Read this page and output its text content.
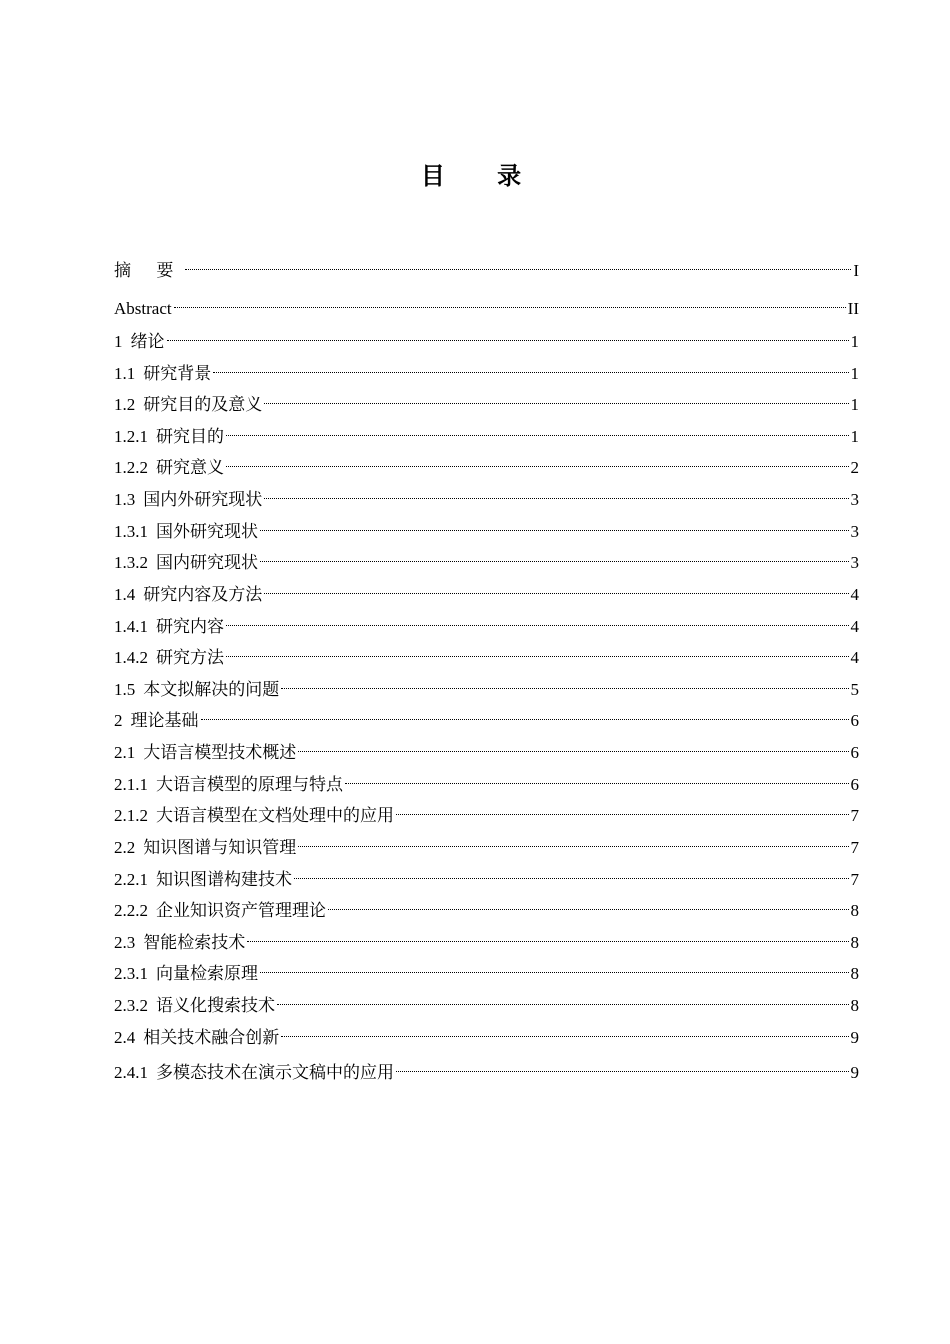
目 录
摘 要	I
Abstract	II
1 绪论	1
1.1 研究背景	1
1.2 研究目的及意义	1
1.2.1 研究目的	1
1.2.2 研究意义	2
1.3 国内外研究现状	3
1.3.1 国外研究现状	3
1.3.2 国内研究现状	3
1.4 研究内容及方法	4
1.4.1 研究内容	4
1.4.2 研究方法	4
1.5 本文拟解决的问题	5
2 理论基础	6
2.1 大语言模型技术概述	6
2.1.1 大语言模型的原理与特点	6
2.1.2 大语言模型在文档处理中的应用	7
2.2 知识图谱与知识管理	7
2.2.1 知识图谱构建技术	7
2.2.2 企业知识资产管理理论	8
2.3 智能检索技术	8
2.3.1 向量检索原理	8
2.3.2 语义化搜索技术	8
2.4 相关技术融合创新	9
2.4.1 多模态技术在演示文稿中的应用	9
